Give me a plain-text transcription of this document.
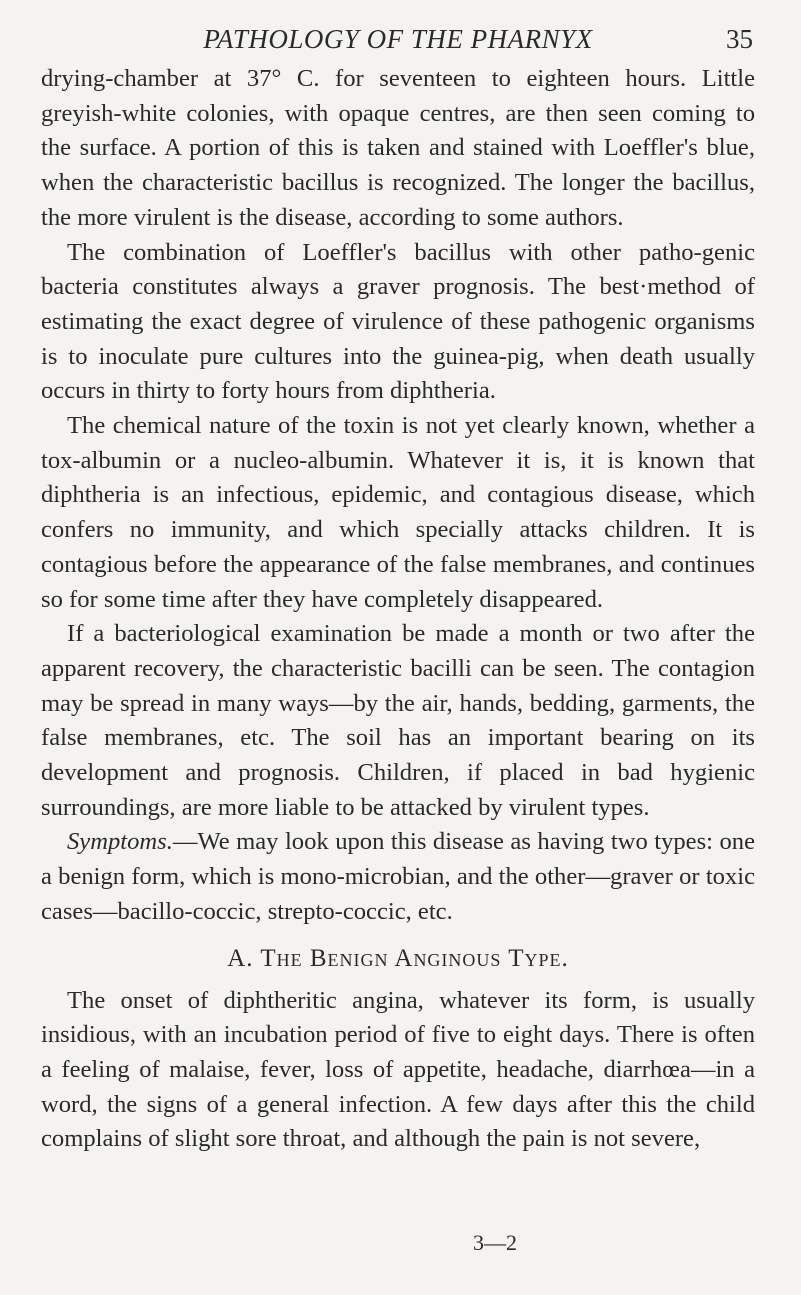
PATHOLOGY OF THE PHARNYX	35

drying-chamber at 37° C. for seventeen to eighteen hours. Little greyish-white colonies, with opaque centres, are then seen coming to the surface. A portion of this is taken and stained with Loeffler's blue, when the characteristic bacillus is recognized. The longer the bacillus, the more virulent is the disease, according to some authors.

The combination of Loeffler's bacillus with other patho-genic bacteria constitutes always a graver prognosis. The best·method of estimating the exact degree of virulence of these pathogenic organisms is to inoculate pure cultures into the guinea-pig, when death usually occurs in thirty to forty hours from diphtheria.

The chemical nature of the toxin is not yet clearly known, whether a tox-albumin or a nucleo-albumin. Whatever it is, it is known that diphtheria is an infectious, epidemic, and contagious disease, which confers no immunity, and which specially attacks children. It is contagious before the appearance of the false membranes, and continues so for some time after they have completely disappeared.

If a bacteriological examination be made a month or two after the apparent recovery, the characteristic bacilli can be seen. The contagion may be spread in many ways—by the air, hands, bedding, garments, the false membranes, etc. The soil has an important bearing on its development and prognosis. Children, if placed in bad hygienic surroundings, are more liable to be attacked by virulent types.

Symptoms.—We may look upon this disease as having two types: one a benign form, which is mono-microbian, and the other—graver or toxic cases—bacillo-coccic, strepto-coccic, etc.

A. The Benign Anginous Type.

The onset of diphtheritic angina, whatever its form, is usually insidious, with an incubation period of five to eight days. There is often a feeling of malaise, fever, loss of appetite, headache, diarrhœa—in a word, the signs of a general infection. A few days after this the child complains of slight sore throat, and although the pain is not severe,

3—2
